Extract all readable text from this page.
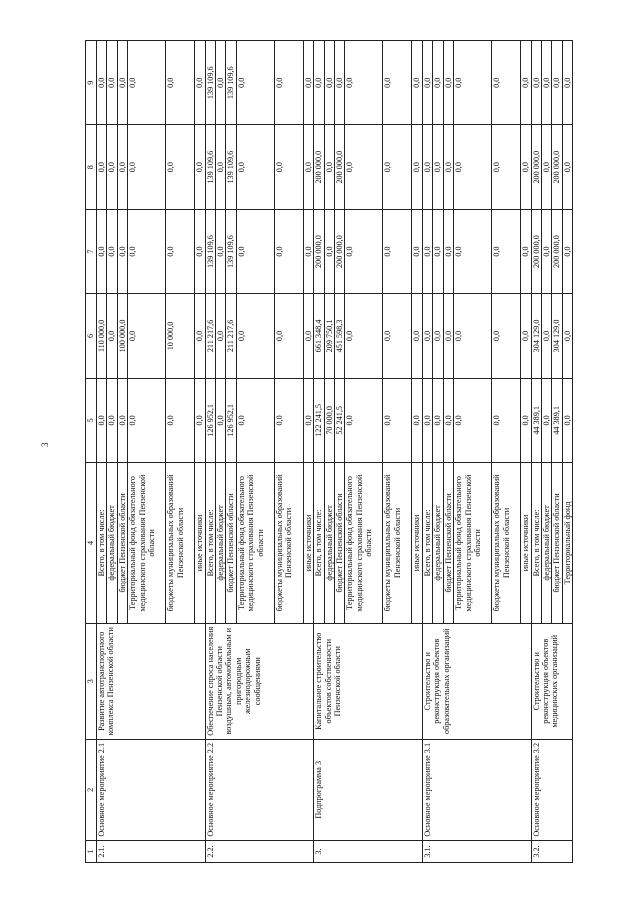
3
1	2	3	4	5	6	7	8	9
2.1.	Основное мероприятие 2.1	Развитие автотранспортного комплекса Пензенской области	Всего, в том числе:	0,0	110 000,0	0,0	0,0	0,0
			федеральный бюджет	0,0	0,0	0,0	0,0	0,0
			бюджет Пензенской области	0,0	100 000,0	0,0	0,0	0,0
			Территориальный фонд обязательного медицинского страхования Пензенской области	0,0	0,0	0,0	0,0	0,0
			бюджеты муниципальных образований Пензенской области	0,0	10 000,0	0,0	0,0	0,0
			иные источники	0,0	0,0	0,0	0,0	0,0
2.2.	Основное мероприятие 2.2	Обеспечение спроса населения Пензенской области воздушным, автомобильным и пригородным железнодорожным сообщениями	Всего, в том числе:	126 952,1	211 217,6	139 109,6	139 109,6	139 109,6
			федеральный бюджет	0,0	0,0	0,0	0,0	0,0
			бюджет Пензенской области	126 952,1	211 217,6	139 109,6	139 109,6	139 109,6
			Территориальный фонд обязательного медицинского страхования Пензенской области	0,0	0,0	0,0	0,0	0,0
			бюджеты муниципальных образований Пензенской области	0,0	0,0	0,0	0,0	0,0
			иные источники	0,0	0,0	0,0	0,0	0,0
3.	Подпрограмма 3	Капитальное строительство объектов собственности Пензенской области	Всего, в том числе:	122 241,5	661 348,4	200 000,0	200 000,0	0,0
			федеральный бюджет	70 000,0	209 750,1	0,0	0,0	0,0
			бюджет Пензенской области	52 241,5	451 598,3	200 000,0	200 000,0	0,0
			Территориальный фонд обязательного медицинского страхования Пензенской области	0,0	0,0	0,0	0,0	0,0
			бюджеты муниципальных образований Пензенской области	0,0	0,0	0,0	0,0	0,0
			иные источники	0,0	0,0	0,0	0,0	0,0
3.1.	Основное мероприятие 3.1	Строительство и реконструкция объектов образовательных организаций	Всего, в том числе:	0,0	0,0	0,0	0,0	0,0
			федеральный бюджет	0,0	0,0	0,0	0,0	0,0
			бюджет Пензенской области	0,0	0,0	0,0	0,0	0,0
			Территориальный фонд обязательного медицинского страхования Пензенской области	0,0	0,0	0,0	0,0	0,0
			бюджеты муниципальных образований Пензенской области	0,0	0,0	0,0	0,0	0,0
			иные источники	0,0	0,0	0,0	0,0	0,0
3.2.	Основное мероприятие 3.2	Строительство и реконструкция объектов медицинских организаций	Всего, в том числе:	44 389,1	304 129,0	200 000,0	200 000,0	0,0
			федеральный бюджет	0,0	0,0	0,0	0,0	0,0
			бюджет Пензенской области	44 389,1	304 129,0	200 000,0	200 000,0	0,0
			Территориальный фонд	0,0	0,0	0,0	0,0	0,0
